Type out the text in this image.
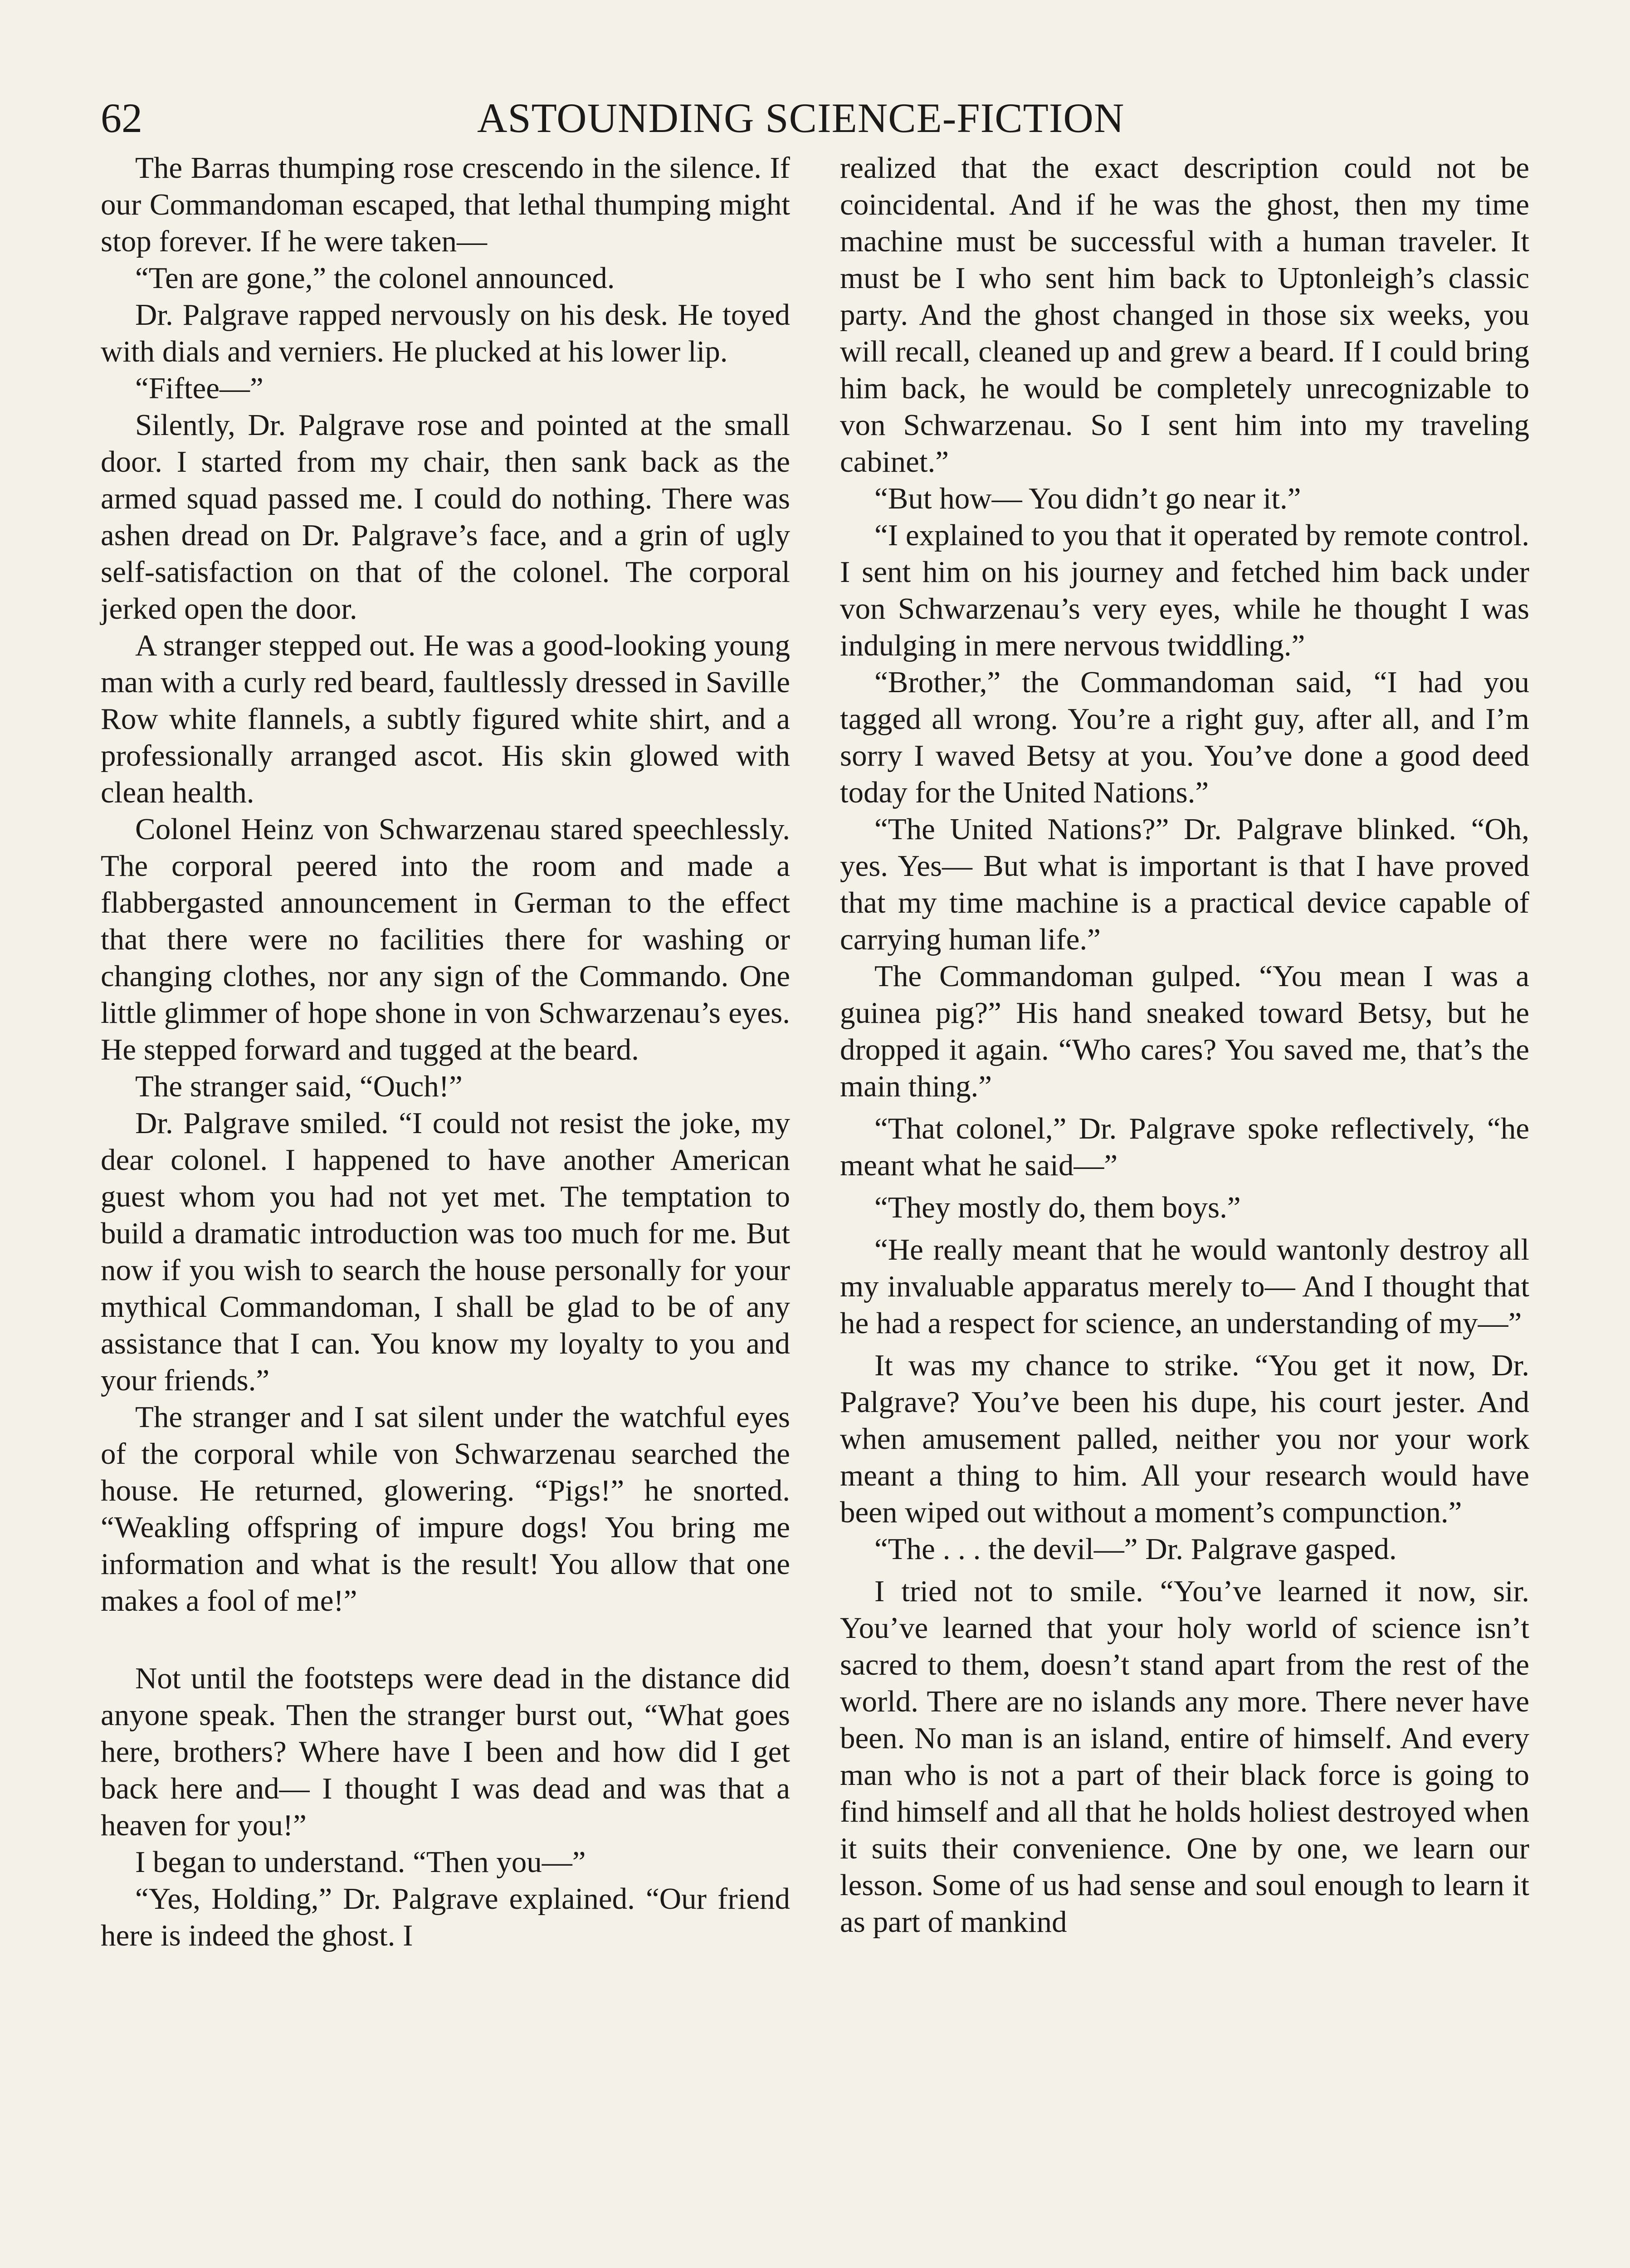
62	ASTOUNDING SCIENCE-FICTION

The Barras thumping rose crescendo in the silence. If our Commandoman escaped, that lethal thumping might stop forever. If he were taken—

“Ten are gone,” the colonel announced.

Dr. Palgrave rapped nervously on his desk. He toyed with dials and verniers. He plucked at his lower lip.

“Fiftee—”

Silently, Dr. Palgrave rose and pointed at the small door. I started from my chair, then sank back as the armed squad passed me. I could do nothing. There was ashen dread on Dr. Palgrave’s face, and a grin of ugly self-satisfaction on that of the colonel. The corporal jerked open the door.

A stranger stepped out. He was a good-looking young man with a curly red beard, faultlessly dressed in Saville Row white flannels, a subtly figured white shirt, and a professionally arranged ascot. His skin glowed with clean health.

Colonel Heinz von Schwarzenau stared speechlessly. The corporal peered into the room and made a flabbergasted announcement in German to the effect that there were no facilities there for washing or changing clothes, nor any sign of the Commando. One little glimmer of hope shone in von Schwarzenau’s eyes. He stepped forward and tugged at the beard.

The stranger said, “Ouch!”

Dr. Palgrave smiled. “I could not resist the joke, my dear colonel. I happened to have another American guest whom you had not yet met. The temptation to build a dramatic introduction was too much for me. But now if you wish to search the house personally for your mythical Commandoman, I shall be glad to be of any assistance that I can. You know my loyalty to you and your friends.”

The stranger and I sat silent under the watchful eyes of the corporal while von Schwarzenau searched the house. He returned, glowering. “Pigs!” he snorted. “Weakling offspring of impure dogs! You bring me information and what is the result! You allow that one makes a fool of me!”

Not until the footsteps were dead in the distance did anyone speak. Then the stranger burst out, “What goes here, brothers? Where have I been and how did I get back here and— I thought I was dead and was that a heaven for you!”

I began to understand. “Then you—”

“Yes, Holding,” Dr. Palgrave explained. “Our friend here is indeed the ghost. I

realized that the exact description could not be coincidental. And if he was the ghost, then my time machine must be successful with a human traveler. It must be I who sent him back to Uptonleigh’s classic party. And the ghost changed in those six weeks, you will recall, cleaned up and grew a beard. If I could bring him back, he would be completely unrecognizable to von Schwarzenau. So I sent him into my traveling cabinet.”

“But how— You didn’t go near it.”

“I explained to you that it operated by remote control. I sent him on his journey and fetched him back under von Schwarzenau’s very eyes, while he thought I was indulging in mere nervous twiddling.”

“Brother,” the Commandoman said, “I had you tagged all wrong. You’re a right guy, after all, and I’m sorry I waved Betsy at you. You’ve done a good deed today for the United Nations.”

“The United Nations?” Dr. Palgrave blinked. “Oh, yes. Yes— But what is important is that I have proved that my time machine is a practical device capable of carrying human life.”

The Commandoman gulped. “You mean I was a guinea pig?” His hand sneaked toward Betsy, but he dropped it again. “Who cares? You saved me, that’s the main thing.”

“That colonel,” Dr. Palgrave spoke reflectively, “he meant what he said—”

“They mostly do, them boys.”

“He really meant that he would wantonly destroy all my invaluable apparatus merely to— And I thought that he had a respect for science, an understanding of my—”

It was my chance to strike. “You get it now, Dr. Palgrave? You’ve been his dupe, his court jester. And when amusement palled, neither you nor your work meant a thing to him. All your research would have been wiped out without a moment’s compunction.”

“The . . . the devil—” Dr. Palgrave gasped.

I tried not to smile. “You’ve learned it now, sir. You’ve learned that your holy world of science isn’t sacred to them, doesn’t stand apart from the rest of the world. There are no islands any more. There never have been. No man is an island, entire of himself. And every man who is not a part of their black force is going to find himself and all that he holds holiest destroyed when it suits their convenience. One by one, we learn our lesson. Some of us had sense and soul enough to learn it as part of mankind
